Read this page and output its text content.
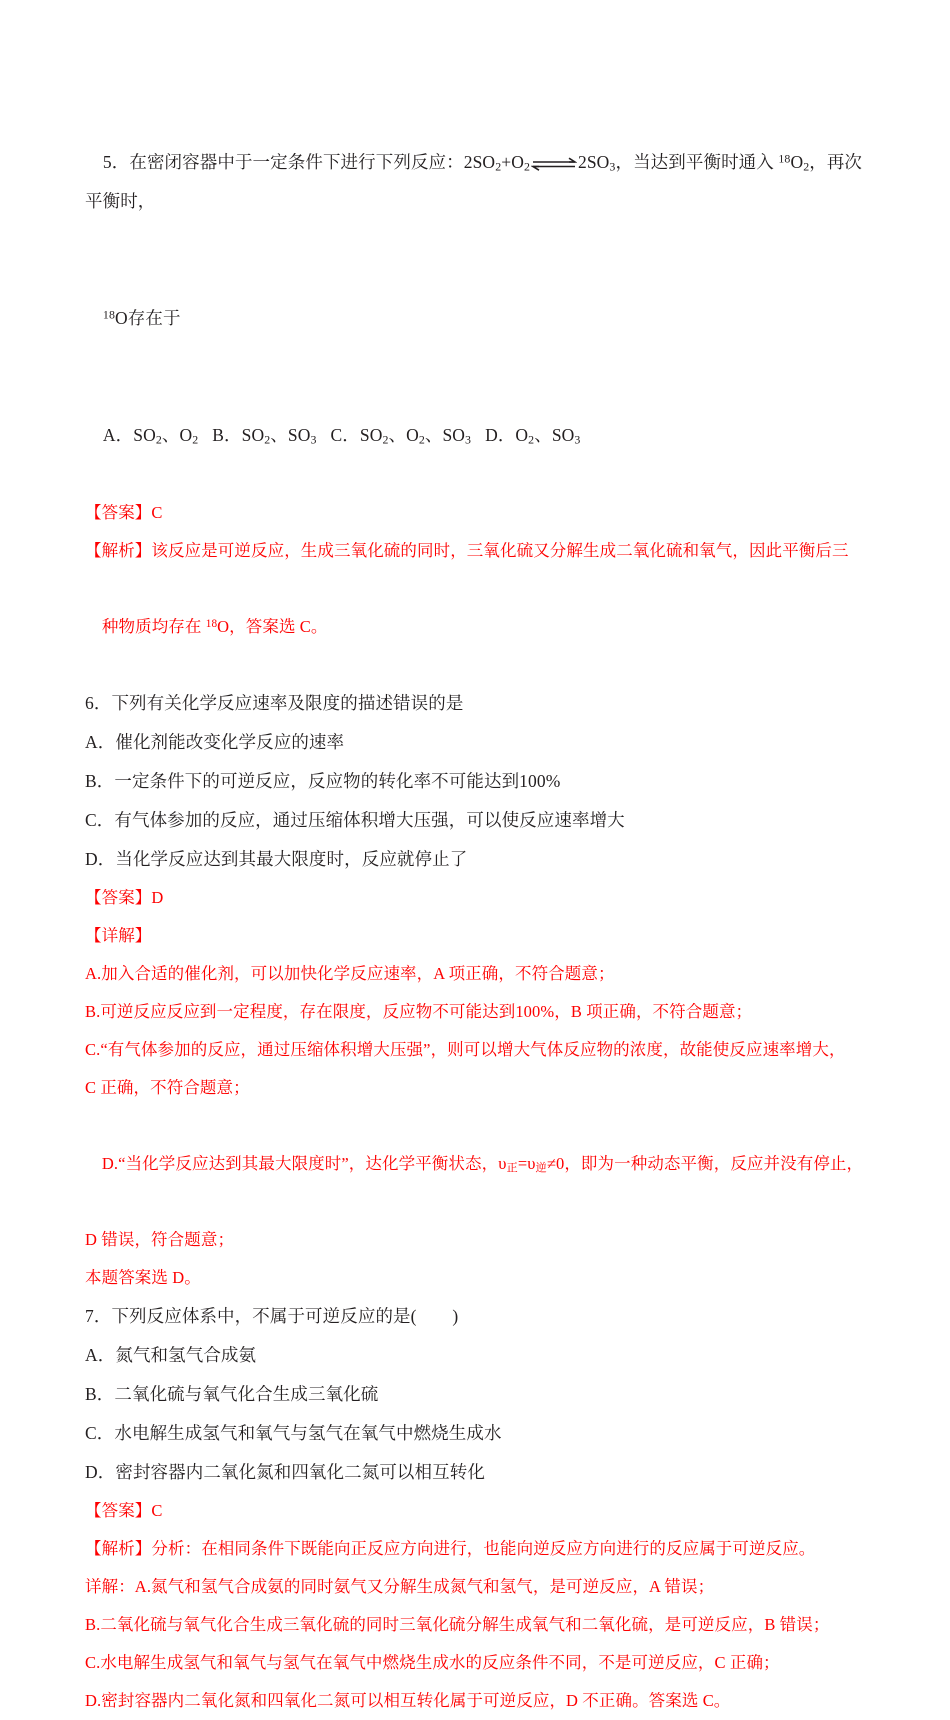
5．在密闭容器中于一定条件下进行下列反应：$2SO_2+O_2\rightleftharpoons 2SO_3$，当达到平衡时通入 $^{18}O_2$，再次平衡时，

$^{18}$O存在于

A．$SO_2$、$O_2$ B．$SO_2$、$SO_3$ C．$SO_2$、$O_2$、$SO_3$ D．$O_2$、$SO_3$

【答案】C
【解析】该反应是可逆反应，生成三氧化硫的同时，三氧化硫又分解生成二氧化硫和氧气，因此平衡后三

种物质均存在 $^{18}$O，答案选 C。

6．下列有关化学反应速率及限度的描述错误的是
A．催化剂能改变化学反应的速率
B．一定条件下的可逆反应，反应物的转化率不可能达到100%
C．有气体参加的反应，通过压缩体积增大压强，可以使反应速率增大
D．当化学反应达到其最大限度时，反应就停止了
【答案】D
【详解】
A.加入合适的催化剂，可以加快化学反应速率，A 项正确，不符合题意；
B.可逆反应反应到一定程度，存在限度，反应物不可能达到100%，B 项正确，不符合题意；
C.“有气体参加的反应，通过压缩体积增大压强”，则可以增大气体反应物的浓度，故能使反应速率增大，
C 正确，不符合题意；

D.“当化学反应达到其最大限度时”，达化学平衡状态，$\upsilon_正=\upsilon_逆\ne 0$，即为一种动态平衡，反应并没有停止，

D 错误，符合题意；
本题答案选 D。
7．下列反应体系中，不属于可逆反应的是(        )
A．氮气和氢气合成氨
B．二氧化硫与氧气化合生成三氧化硫
C．水电解生成氢气和氧气与氢气在氧气中燃烧生成水
D．密封容器内二氧化氮和四氧化二氮可以相互转化
【答案】C
【解析】分析：在相同条件下既能向正反应方向进行，也能向逆反应方向进行的反应属于可逆反应。
详解：A.氮气和氢气合成氨的同时氨气又分解生成氮气和氢气，是可逆反应，A 错误；
B.二氧化硫与氧气化合生成三氧化硫的同时三氧化硫分解生成氧气和二氧化硫，是可逆反应，B 错误；
C.水电解生成氢气和氧气与氢气在氧气中燃烧生成水的反应条件不同，不是可逆反应，C 正确；
D.密封容器内二氧化氮和四氧化二氮可以相互转化属于可逆反应，D 不正确。答案选 C。
